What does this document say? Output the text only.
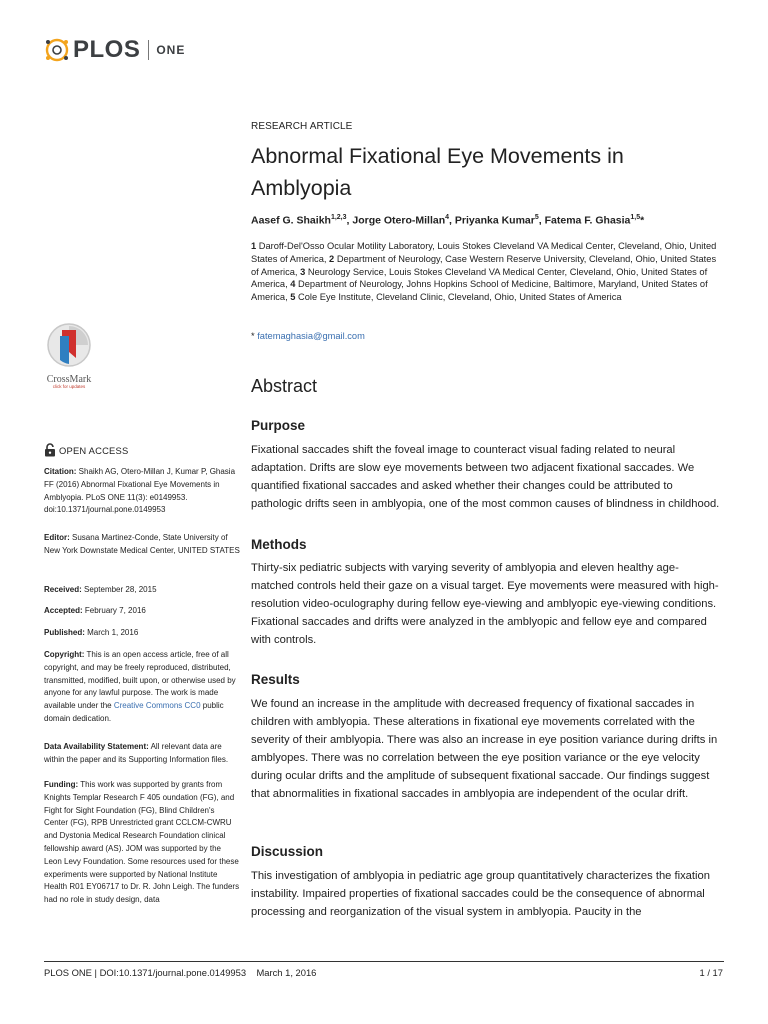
PLOS ONE
RESEARCH ARTICLE
Abnormal Fixational Eye Movements in Amblyopia
Aasef G. Shaikh$^{1,2,3}$, Jorge Otero-Millan$^4$, Priyanka Kumar$^5$, Fatema F. Ghasia$^{1,5}$*
1 Daroff-Del'Osso Ocular Motility Laboratory, Louis Stokes Cleveland VA Medical Center, Cleveland, Ohio, United States of America, 2 Department of Neurology, Case Western Reserve University, Cleveland, Ohio, United States of America, 3 Neurology Service, Louis Stokes Cleveland VA Medical Center, Cleveland, Ohio, United States of America, 4 Department of Neurology, Johns Hopkins School of Medicine, Baltimore, Maryland, United States of America, 5 Cole Eye Institute, Cleveland Clinic, Cleveland, Ohio, United States of America
* fatemaghasia@gmail.com
Abstract
Purpose

Fixational saccades shift the foveal image to counteract visual fading related to neural adaptation. Drifts are slow eye movements between two adjacent fixational saccades. We quantified fixational saccades and asked whether their changes could be attributed to pathologic drifts seen in amblyopia, one of the most common causes of blindness in childhood.

Methods

Thirty-six pediatric subjects with varying severity of amblyopia and eleven healthy age-matched controls held their gaze on a visual target. Eye movements were measured with high-resolution video-oculography during fellow eye-viewing and amblyopic eye-viewing conditions. Fixational saccades and drifts were analyzed in the amblyopic and fellow eye and compared with controls.

Results

We found an increase in the amplitude with decreased frequency of fixational saccades in children with amblyopia. These alterations in fixational eye movements correlated with the severity of their amblyopia. There was also an increase in eye position variance during drifts in amblyopes. There was no correlation between the eye position variance or the eye velocity during ocular drifts and the amplitude of subsequent fixational saccade. Our findings suggest that abnormalities in fixational saccades in amblyopia are independent of the ocular drift.

Discussion

This investigation of amblyopia in pediatric age group quantitatively characterizes the fixation instability. Impaired properties of fixational saccades could be the consequence of abnormal processing and reorganization of the visual system in amblyopia. Paucity in the

CrossMark
click for updates
OPEN ACCESS
Citation: Shaikh AG, Otero-Millan J, Kumar P, Ghasia FF (2016) Abnormal Fixational Eye Movements in Amblyopia. PLoS ONE 11(3): e0149953. doi:10.1371/journal.pone.0149953
Editor: Susana Martinez-Conde, State University of New York Downstate Medical Center, UNITED STATES
Received: September 28, 2015
Accepted: February 7, 2016
Published: March 1, 2016
Copyright: This is an open access article, free of all copyright, and may be freely reproduced, distributed, transmitted, modified, built upon, or otherwise used by anyone for any lawful purpose. The work is made available under the Creative Commons CC0 public domain dedication.
Data Availability Statement: All relevant data are within the paper and its Supporting Information files.
Funding: This work was supported by grants from Knights Templar Research F 405 oundation (FG), and Fight for Sight Foundation (FG), Blind Children's Center (FG), RPB Unrestricted grant CCLCM-CWRU and Dystonia Medical Research Foundation clinical fellowship award (AS). JOM was supported by the Leon Levy Foundation. Some resources used for these experiments were supported by National Institute Health R01 EY06717 to Dr. R. John Leigh. The funders had no role in study design, data
PLOS ONE | DOI:10.1371/journal.pone.0149953    March 1, 2016	1 / 17
